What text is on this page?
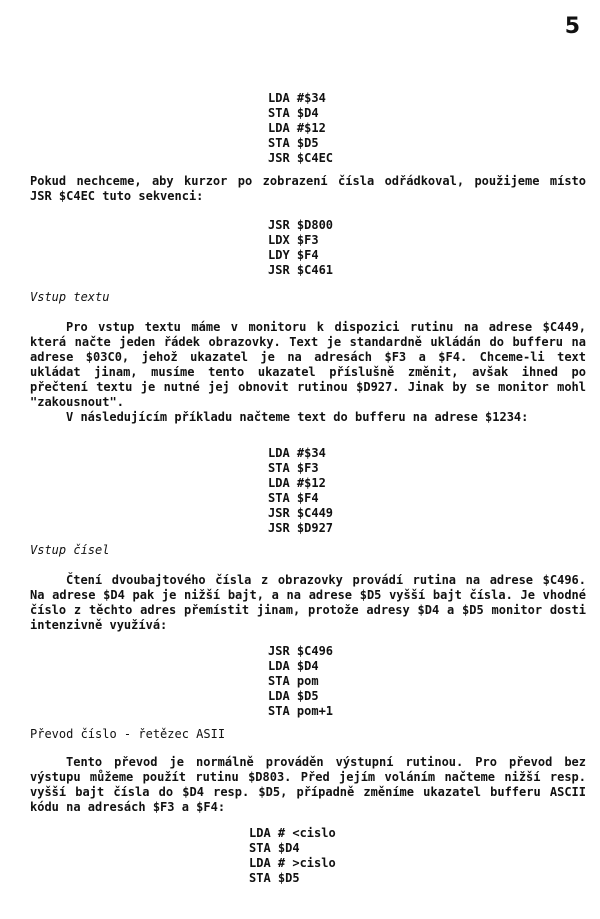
5
LDA #$34
STA $D4
LDA #$12
STA $D5
JSR $C4EC
Pokud nechceme, aby kurzor po zobrazení čísla odřádkoval, použijeme místo JSR $C4EC tuto sekvenci:
JSR $D800
LDX $F3
LDY $F4
JSR $C461
Vstup textu
Pro vstup textu máme v monitoru k dispozici rutinu na adrese $C449, která načte jeden řádek obrazovky. Text je standardně ukládán do bufferu na adrese $03C0, jehož ukazatel je na adresách $F3 a $F4. Chceme-li text ukládat jinam, musíme tento ukazatel příslušně změnit, avšak ihned po přečtení textu je nutné jej obnovit rutinou $D927. Jinak by se monitor mohl "zakousnout".
V následujícím příkladu načteme text do bufferu na adrese $1234:
LDA #$34
STA $F3
LDA #$12
STA $F4
JSR $C449
JSR $D927
Vstup čísel
Čtení dvoubajtového čísla z obrazovky provádí rutina na adrese $C496. Na adrese $D4 pak je nižší bajt, a na adrese $D5 vyšší bajt čísla. Je vhodné číslo z těchto adres přemístit jinam, protože adresy $D4 a $D5 monitor dosti intenzivně využívá:
JSR $C496
LDA $D4
STA pom
LDA $D5
STA pom+1
Převod číslo - řetězec ASII
Tento převod je normálně prováděn výstupní rutinou. Pro převod bez výstupu můžeme použít rutinu $D803. Před jejím voláním načteme nižší resp. vyšší bajt čísla do $D4 resp. $D5, případně změníme ukazatel bufferu ASCII kódu na adresách $F3 a $F4:
LDA # <cislo
STA $D4
LDA # >cislo
STA $D5
